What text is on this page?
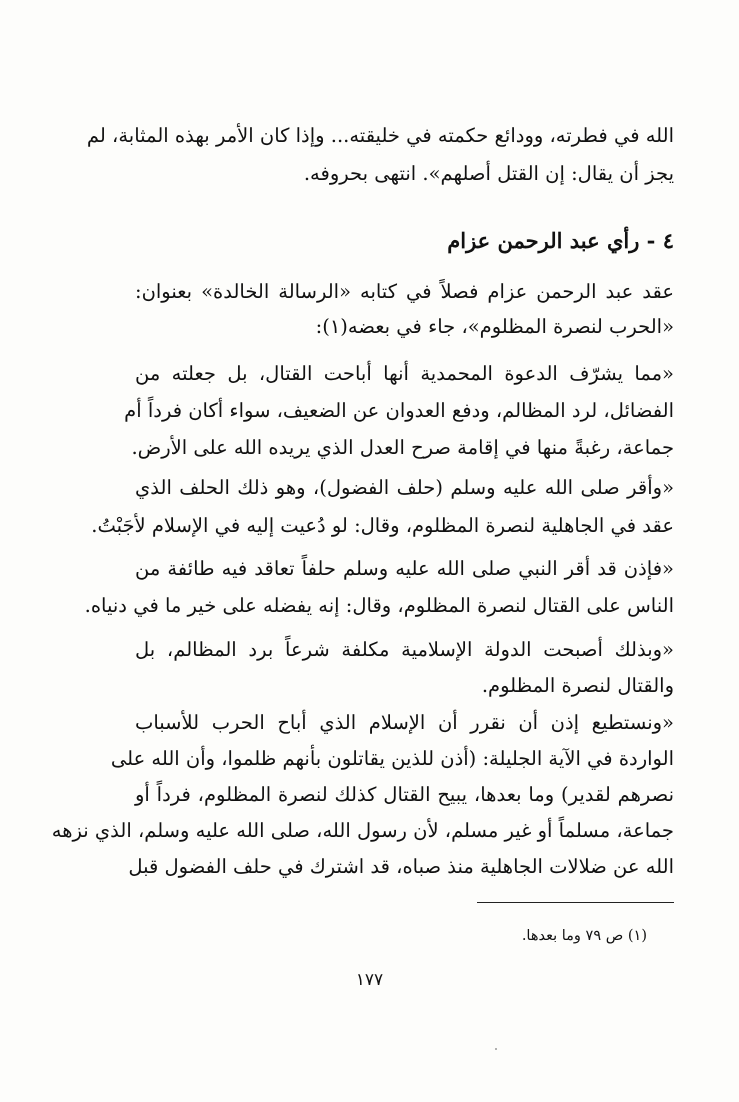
الله في فطرته، وودائع حكمته في خليقته... وإذا كان الأمر بهذه المثابة، لم
يجز أن يقال: إن القتل أصلهم». انتهى بحروفه.
عقد عبد الرحمن عزام فصلاً في كتابه «الرسالة الخالدة» بعنوان:
«الحرب لنصرة المظلوم»، جاء في بعضه(١):
«مما يشرّف الدعوة المحمدية أنها أباحت القتال، بل جعلته من
الفضائل، لرد المظالم، ودفع العدوان عن الضعيف، سواء أكان فرداً أم
جماعة، رغبةً منها في إقامة صرح العدل الذي يريده الله على الأرض.
«وأقر صلى الله عليه وسلم (حلف الفضول)، وهو ذلك الحلف الذي
عقد في الجاهلية لنصرة المظلوم، وقال: لو دُعيت إليه في الإسلام لأجَبْتُ.
«فإذن قد أقر النبي صلى الله عليه وسلم حلفاً تعاقد فيه طائفة من
الناس على القتال لنصرة المظلوم، وقال: إنه يفضله على خير ما في دنياه.
«وبذلك أصبحت الدولة الإسلامية مكلفة شرعاً برد المظالم، بل
والقتال لنصرة المظلوم.
«ونستطيع إذن أن نقرر أن الإسلام الذي أباح الحرب للأسباب
الواردة في الآية الجليلة: (أذن للذين يقاتلون بأنهم ظلموا، وأن الله على
نصرهم لقدير) وما بعدها، يبيح القتال كذلك لنصرة المظلوم، فرداً أو
جماعة، مسلماً أو غير مسلم، لأن رسول الله، صلى الله عليه وسلم، الذي نزهه
الله عن ضلالات الجاهلية منذ صباه، قد اشترك في حلف الفضول قبل
٤ - رأي عبد الرحمن عزام
(١) ص ٧٩ وما بعدها.
١٧٧
